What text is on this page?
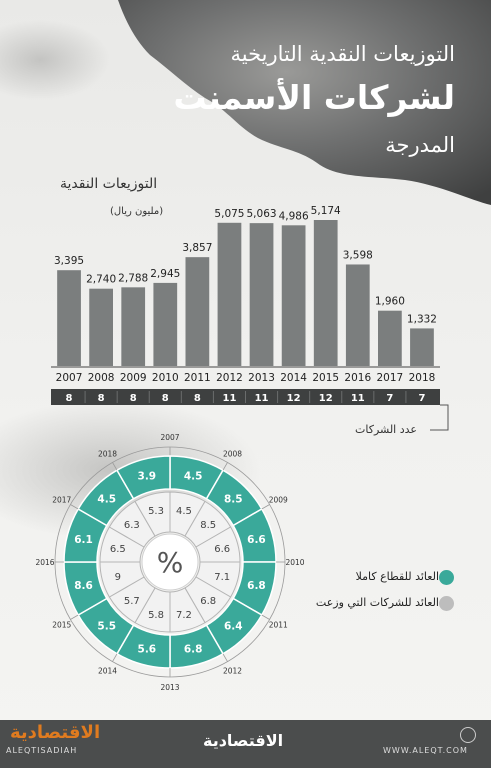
التوزيعات النقدية التاريخية
لشركات الأسمنت
المدرجة
التوزيعات النقدية
(مليون ريال)
3,395
2007
2,740
2008
2,788
2009
2,945
2010
3,857
2011
5,075
2012
5,063
2013
4,986
2014
5,174
2015
3,598
2016
1,960
2017
1,332
2018
8	8	8	8	8 11 11 12 12 11 7	7
عدد الشركات
4.5
4.5
2007
8.5
8.5
2008
6.6
6.6
2009
6.8
7.1
2010
6.4
6.8
2011
6.8
7.2
2012
5.6
5.8
2013
5.5
5.7
2014
8.6
9
2015
6.1
6.5
2016
4.5
6.3
2017
3.9
5.3
2018
%	العائد للقطاع كاملا
العائد للشركات التي وزعت
الاقتصادية
ALEQTISADIAH
الاقتصادية
WWW.ALEQT.COM
